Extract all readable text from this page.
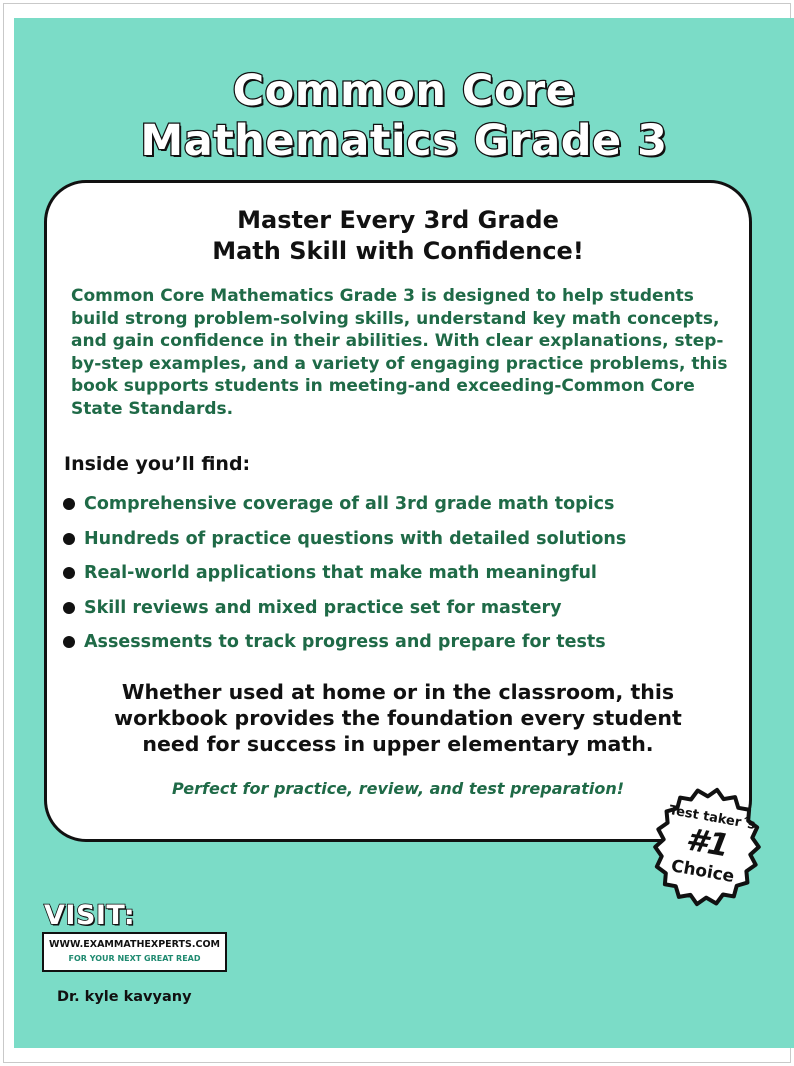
Common Core
Mathematics Grade 3
Master Every 3rd Grade
Math Skill with Confidence!

Common Core Mathematics Grade 3 is designed to help students build strong problem-solving skills, understand key math concepts, and gain confidence in their abilities. With clear explanations, step-by-step examples, and a variety of engaging practice problems, this book supports students in meeting-and exceeding-Common Core State Standards.

Inside you’ll find:
Comprehensive coverage of all 3rd grade math topics
Hundreds of practice questions with detailed solutions
Real-world applications that make math meaningful
Skill reviews and mixed practice set for mastery
Assessments to track progress and prepare for tests
Whether used at home or in the classroom, this
workbook provides the foundation every student
need for success in upper elementary math.
Perfect for practice, review, and test preparation!
Test taker´s
#1
Choice
VISIT:
WWW.EXAMMATHEXPERTS.COM
FOR YOUR NEXT GREAT READ
Dr. kyle kavyany
